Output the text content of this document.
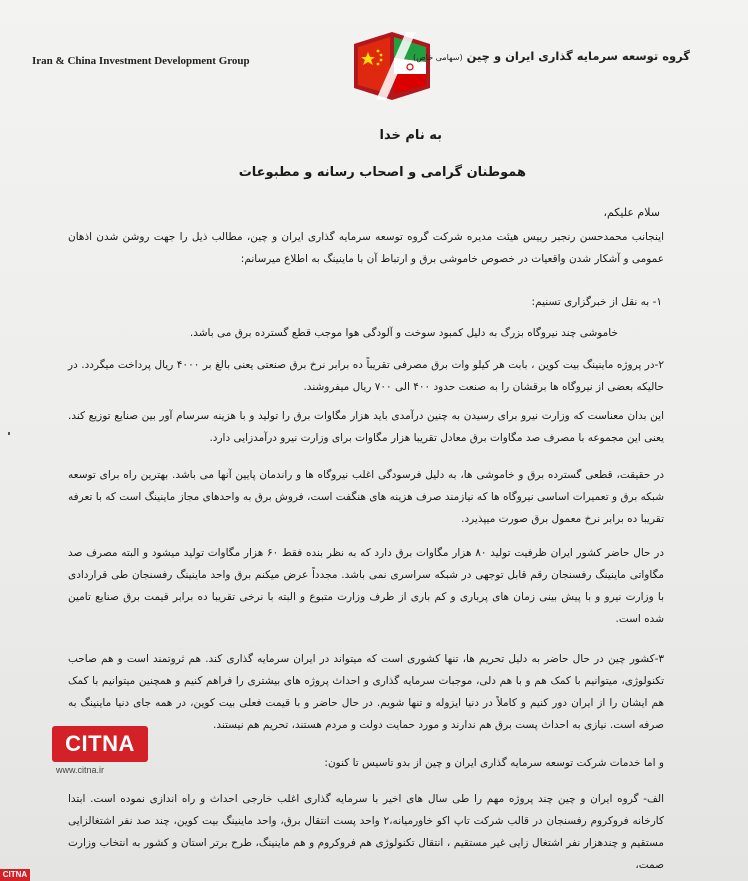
Iran & China Investment Development Group	گروه توسعه سرمایه گذاری ایران و چین (سهامی خاص)
به نام خدا
هموطنان گرامی و اصحاب رسانه و مطبوعات
سلام علیکم،
اینجانب محمدحسن رنجبر رییس هیئت مدیره شرکت گروه توسعه سرمایه گذاری ایران و چین، مطالب ذیل را جهت روشن شدن اذهان عمومی و آشکار شدن واقعیات در خصوص خاموشی برق و ارتباط آن با ماینینگ به اطلاع میرسانم:
۱- به نقل از خبرگزاری تسنیم:
خاموشی چند نیروگاه بزرگ به دلیل کمبود سوخت و آلودگی هوا موجب قطع گسترده برق می باشد.
۲-در پروژه ماینینگ بیت کوین ، بابت هر کیلو وات برق مصرفی تقریباً ده برابر نرخ برق صنعتی یعنی بالغ بر ۴۰۰۰ ریال پرداخت میگردد. در حالیکه بعضی از نیروگاه ها برقشان را به صنعت حدود ۴۰۰ الی ۷۰۰ ریال میفروشند.
این بدان معناست که وزارت نیرو برای رسیدن به چنین درآمدی باید هزار مگاوات برق را تولید و با هزینه سرسام آور بین صنایع توزیع کند. یعنی این مجموعه با مصرف صد مگاوات برق معادل تقریبا هزار مگاوات برای وزارت نیرو درآمدزایی دارد.
در حقیقت، قطعی گسترده برق و خاموشی ها، به دلیل فرسودگی اغلب نیروگاه ها و راندمان پایین آنها می باشد. بهترین راه برای توسعه شبکه برق و تعمیرات اساسی نیروگاه ها که نیازمند صرف هزینه های هنگفت است، فروش برق به واحدهای مجاز ماینینگ است که با تعرفه تقریبا ده برابر نرخ معمول برق صورت میپذیرد.
در حال حاضر کشور ایران ظرفیت تولید ۸۰ هزار مگاوات برق دارد که به نظر بنده فقط ۶۰ هزار مگاوات تولید میشود و البته مصرف صد مگاواتی ماینینگ رفسنجان رقم قابل توجهی در شبکه سراسری نمی باشد. مجدداً عرض میکنم برق واحد ماینینگ رفسنجان طی قراردادی با وزارت نیرو و با پیش بینی زمان های پرباری و کم باری از طرف وزارت متبوع و البته با نرخی تقریبا ده برابر قیمت برق صنایع تامین شده است.
۳-کشور چین در حال حاضر به دلیل تحریم ها، تنها کشوری است که میتواند در ایران سرمایه گذاری کند. هم ثروتمند است و هم صاحب تکنولوژی، میتوانیم با کمک هم و با هم دلی، موجبات سرمایه گذاری و احداث پروژه های بیشتری را فراهم کنیم و همچنین میتوانیم با کمک هم ایشان را از ایران دور کنیم و کاملاً در دنیا ایزوله و تنها شویم. در حال حاضر و با قیمت فعلی بیت کوین، در همه جای دنیا ماینینگ به صرفه است. نیازی به احداث پست برق هم ندارند و مورد حمایت دولت و مردم هستند، تحریم هم نیستند.
و اما خدمات شرکت توسعه سرمایه گذاری ایران و چین از بدو تاسیس تا کنون:
الف- گروه ایران و چین چند پروژه مهم را طی سال های اخیر با سرمایه گذاری اغلب خارجی احداث و راه اندازی نموده است. ابتدا کارخانه فروکروم رفسنجان در قالب شرکت تاپ اکو خاورمیانه،۲ واحد پست انتقال برق، واحد ماینینگ بیت کوین، چند صد نفر اشتغالزایی مستقیم و چندهزار نفر اشتغال زایی غیر مستقیم ، انتقال تکنولوژی هم فروکروم و هم ماینینگ، طرح برتر استان و کشور به انتخاب وزارت صمت،
CITNA
www.citna.ir
CITNA
